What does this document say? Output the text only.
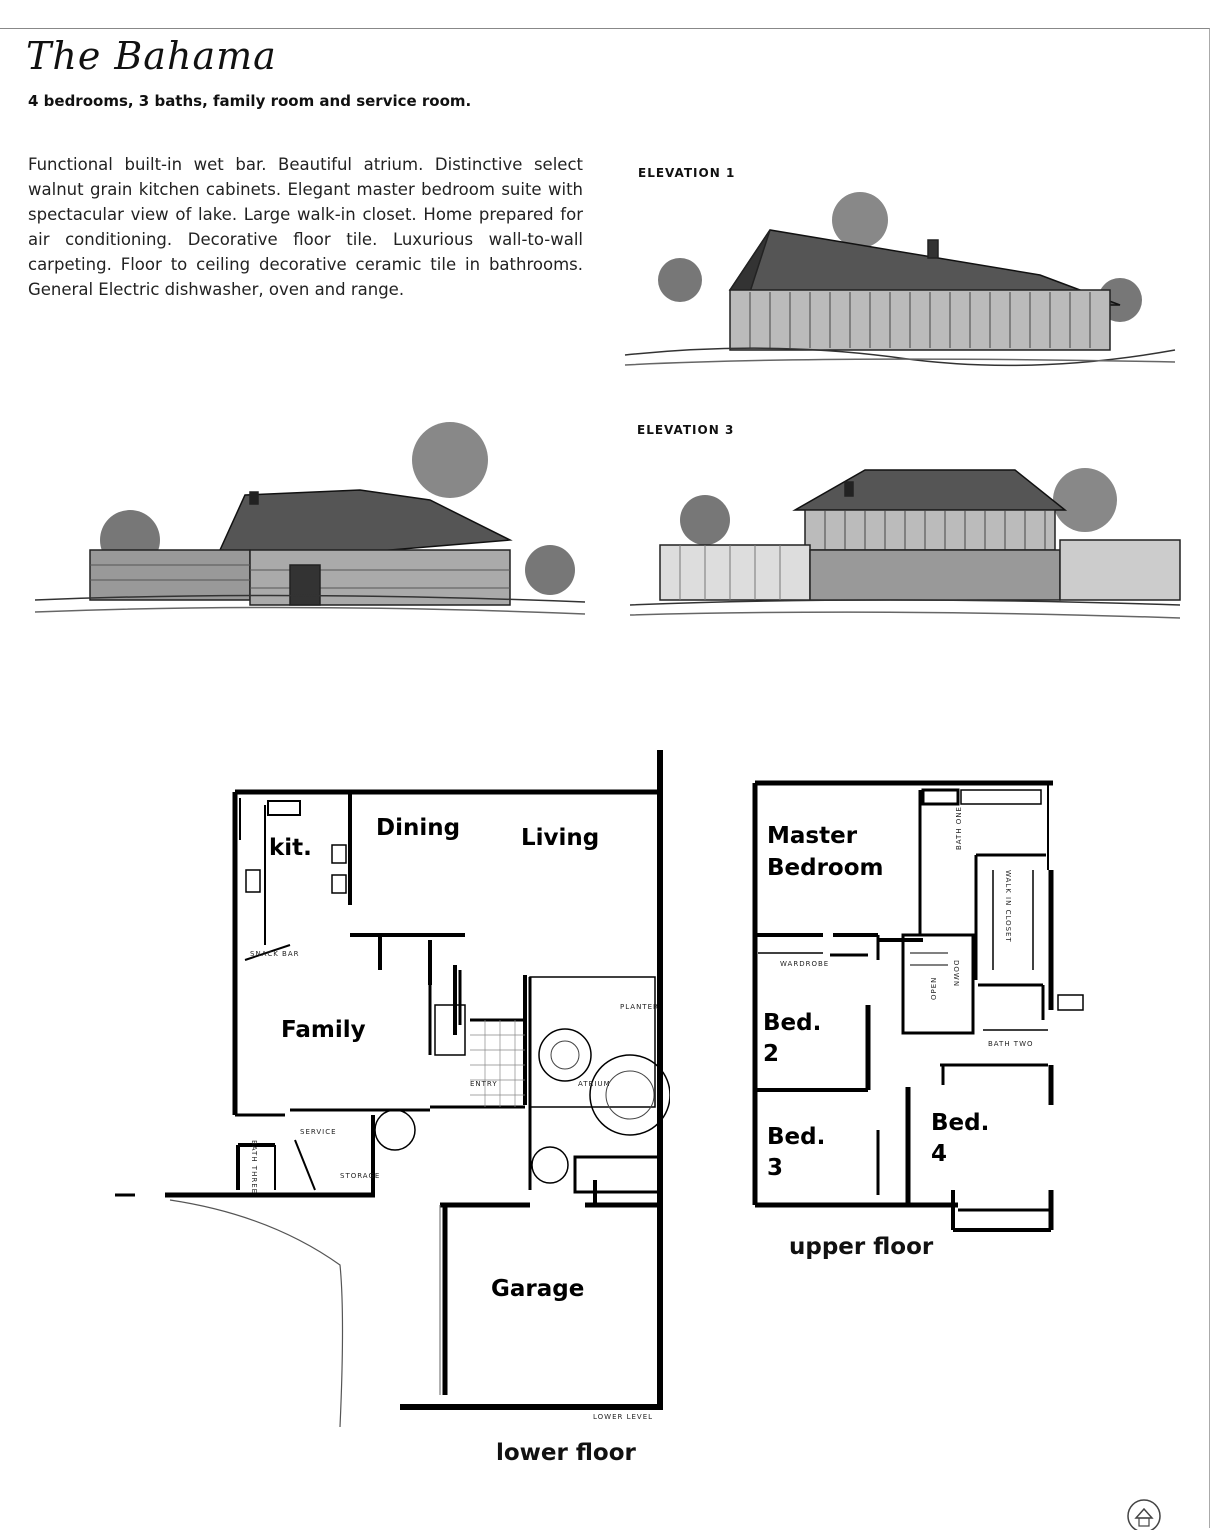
The Bahama
4 bedrooms, 3 baths, family room and service room.
Functional built-in wet bar. Beautiful atrium. Distinctive select walnut grain kitchen cabinets. Elegant master bedroom suite with spectacular view of lake. Large walk-in closet. Home prepared for air conditioning. Decorative floor tile. Luxurious wall-to-wall carpeting. Floor to ceiling decorative ceramic tile in bathrooms. General Electric dishwasher, oven and range.
ELEVATION 1
ELEVATION 2	ELEVATION 3
kit.
Dining	Living
Family
Garage
SNACK BAR
ENTRY	ATRIUM
PLANTER
SERVICE
BATH THREE	STORAGE
LOWER LEVEL
lower floor
Master
Bedroom
Bed.
2
Bed.
3
Bed.
4
BATH ONE
WALK IN CLOSET
BATH TWO
OPEN
DOWN
WARDROBE
upper floor
